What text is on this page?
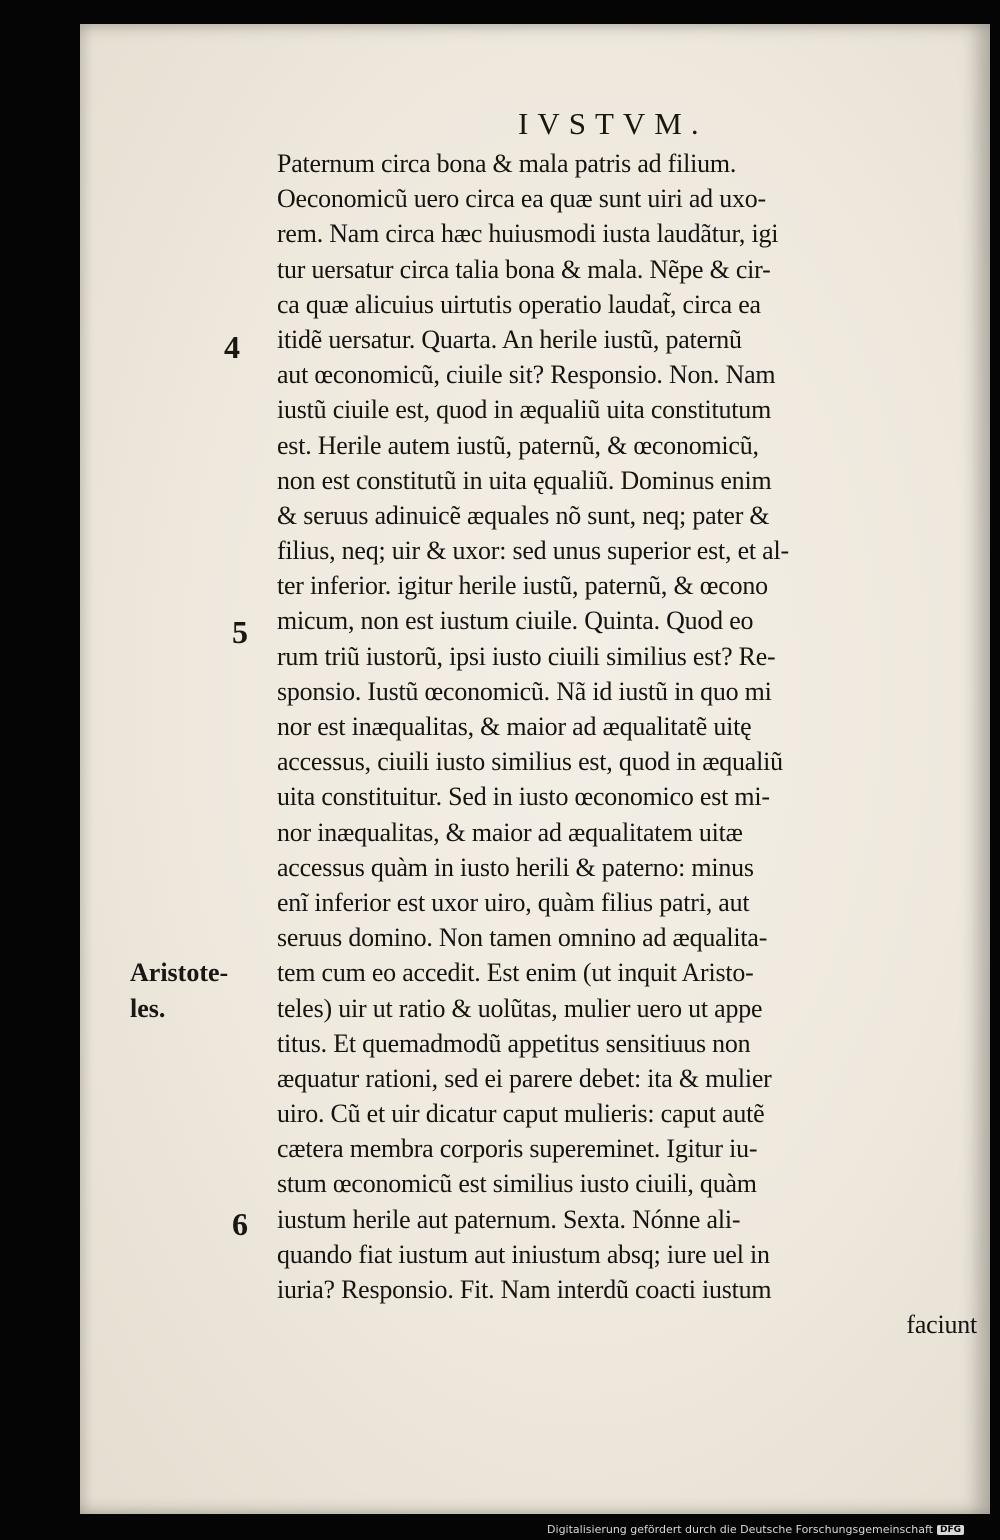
IVSTVM.
Paternum circa bona & mala patris ad filium.
Oeconomicũ uero circa ea quæ sunt uiri ad uxo-
rem. Nam circa hæc huiusmodi iusta laudãtur, igi
tur uersatur circa talia bona & mala. Nẽpe & cir-
ca quæ alicuius uirtutis operatio laudat̃, circa ea
itidẽ uersatur. Quarta. An herile iustũ, paternũ
aut œconomicũ, ciuile sit? Responsio. Non. Nam
iustũ ciuile est, quod in æqualiũ uita constitutum
est. Herile autem iustũ, paternũ, & œconomicũ,
non est constitutũ in uita ęqualiũ. Dominus enim
& seruus adinuicẽ æquales nõ sunt, neq; pater &
filius, neq; uir & uxor: sed unus superior est, et al-
ter inferior. igitur herile iustũ, paternũ, & œcono
micum, non est iustum ciuile. Quinta. Quod eo
rum triũ iustorũ, ipsi iusto ciuili similius est? Re-
sponsio. Iustũ œconomicũ. Nã id iustũ in quo mi
nor est inæqualitas, & maior ad æqualitatẽ uitę
accessus, ciuili iusto similius est, quod in æqualiũ
uita constituitur. Sed in iusto œconomico est mi-
nor inæqualitas, & maior ad æqualitatem uitæ
accessus quàm in iusto herili & paterno: minus
enĩ inferior est uxor uiro, quàm filius patri, aut
seruus domino. Non tamen omnino ad æqualita-
tem cum eo accedit. Est enim (ut inquit Aristo-
teles) uir ut ratio & uolũtas, mulier uero ut appe
titus. Et quemadmodũ appetitus sensitiuus non
æquatur rationi, sed ei parere debet: ita & mulier
uiro. Cũ et uir dicatur caput mulieris: caput autẽ
cætera membra corporis supereminet. Igitur iu-
stum œconomicũ est similius iusto ciuili, quàm
iustum herile aut paternum. Sexta. Nónne ali-
quando fiat iustum aut iniustum absq; iure uel in
iuria? Responsio. Fit. Nam interdũ coacti iustum
faciunt
4
5
6
Aristote-
les.
Digitalisierung gefördert durch die Deutsche Forschungsgemeinschaft DFG
